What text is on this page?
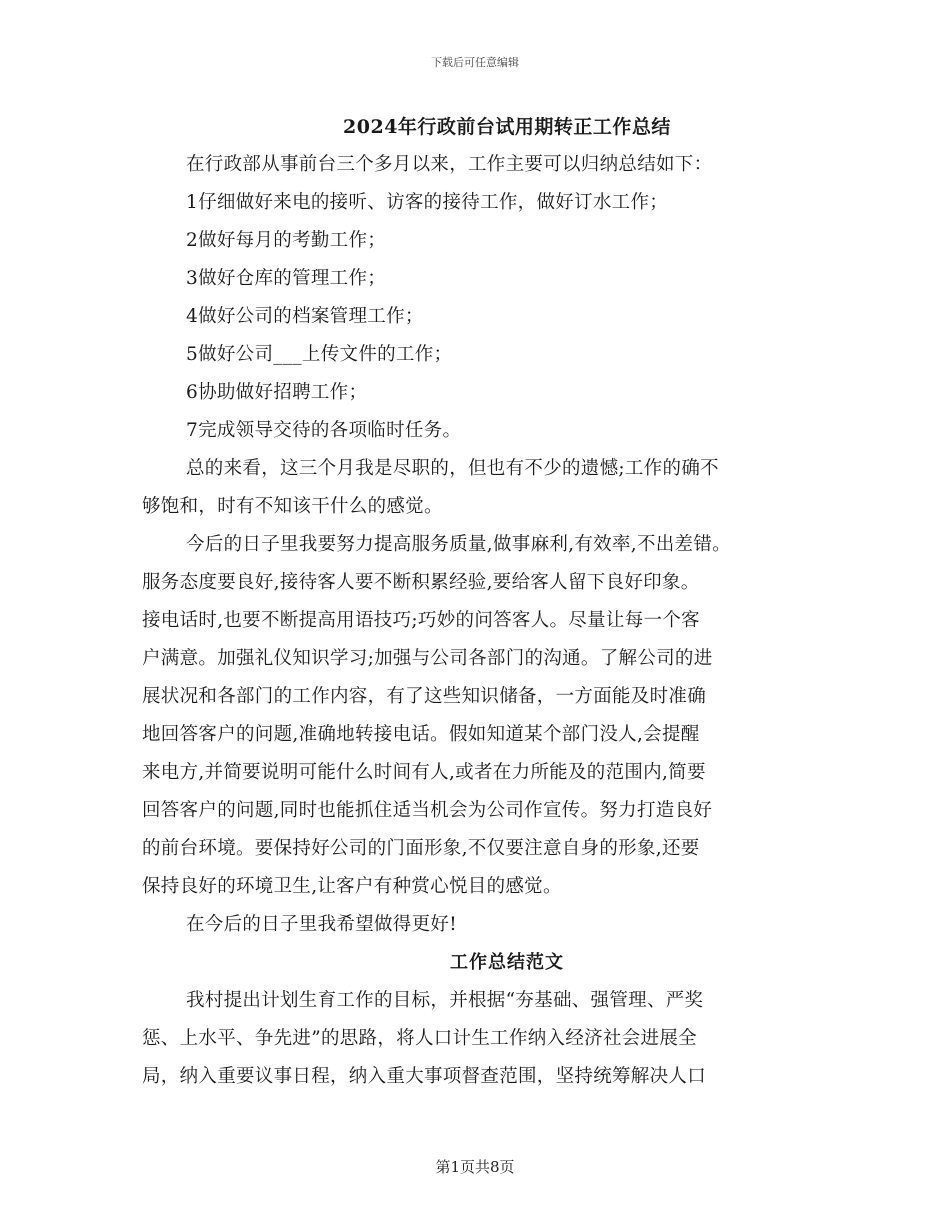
下载后可任意编辑
2024年行政前台试用期转正工作总结
在行政部从事前台三个多月以来，工作主要可以归纳总结如下：
1仔细做好来电的接听、访客的接待工作，做好订水工作；
2做好每月的考勤工作；
3做好仓库的管理工作；
4做好公司的档案管理工作；
5做好公司___上传文件的工作；
6协助做好招聘工作；
7完成领导交待的各项临时任务。
总的来看，这三个月我是尽职的，但也有不少的遗憾;工作的确不
够饱和，时有不知该干什么的感觉。
今后的日子里我要努力提高服务质量,做事麻利,有效率,不出差错。
服务态度要良好,接待客人要不断积累经验,要给客人留下良好印象。
接电话时,也要不断提高用语技巧;巧妙的问答客人。尽量让每一个客
户满意。加强礼仪知识学习;加强与公司各部门的沟通。了解公司的进
展状况和各部门的工作内容，有了这些知识储备，一方面能及时准确
地回答客户的问题,准确地转接电话。假如知道某个部门没人,会提醒
来电方,并简要说明可能什么时间有人,或者在力所能及的范围内,简要
回答客户的问题,同时也能抓住适当机会为公司作宣传。努力打造良好
的前台环境。要保持好公司的门面形象,不仅要注意自身的形象,还要
保持良好的环境卫生,让客户有种赏心悦目的感觉。
在今后的日子里我希望做得更好!
工作总结范文
我村提出计划生育工作的目标，并根据“夯基础、强管理、严奖
惩、上水平、争先进”的思路，将人口计生工作纳入经济社会进展全
局，纳入重要议事日程，纳入重大事项督查范围，坚持统筹解决人口
第1页共8页
